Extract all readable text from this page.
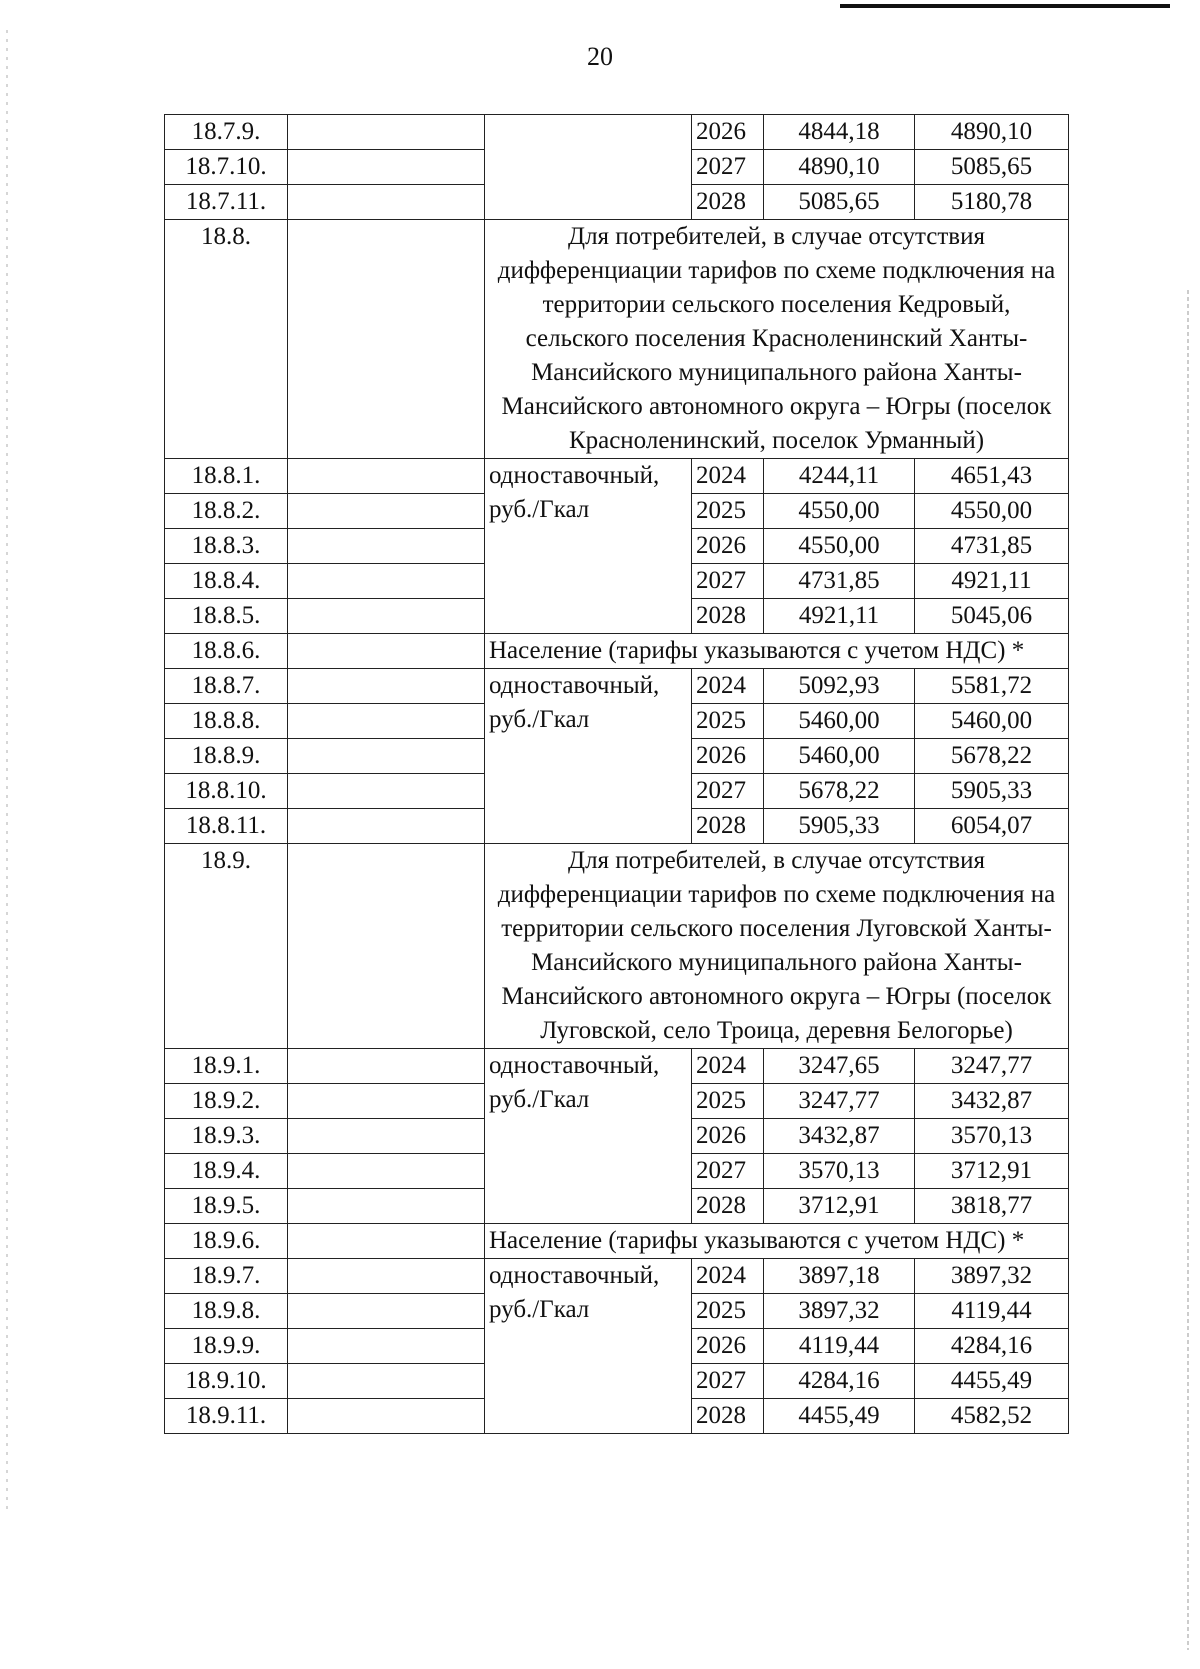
20
18.7.9.			2026	4844,18	4890,10
18.7.10.			2027	4890,10	5085,65
18.7.11.			2028	5085,65	5180,78
18.8.		Для потребителей, в случае отсутствия дифференциации тарифов по схеме подключения на территории сельского поселения Кедровый, сельского поселения Красноленинский Ханты-Мансийского муниципального района Ханты-Мансийского автономного округа – Югры (поселок Красноленинский, поселок Урманный)			
18.8.1.		одноставочный, руб./Гкал	2024	4244,11	4651,43
18.8.2.			2025	4550,00	4550,00
18.8.3.			2026	4550,00	4731,85
18.8.4.			2027	4731,85	4921,11
18.8.5.			2028	4921,11	5045,06
18.8.6.		Население (тарифы указываются с учетом НДС) *			
18.8.7.		одноставочный, руб./Гкал	2024	5092,93	5581,72
18.8.8.			2025	5460,00	5460,00
18.8.9.			2026	5460,00	5678,22
18.8.10.			2027	5678,22	5905,33
18.8.11.			2028	5905,33	6054,07
18.9.		Для потребителей, в случае отсутствия дифференциации тарифов по схеме подключения на территории сельского поселения Луговской Ханты-Мансийского муниципального района Ханты-Мансийского автономного округа – Югры (поселок Луговской, село Троица, деревня Белогорье)			
18.9.1.		одноставочный, руб./Гкал	2024	3247,65	3247,77
18.9.2.			2025	3247,77	3432,87
18.9.3.			2026	3432,87	3570,13
18.9.4.			2027	3570,13	3712,91
18.9.5.			2028	3712,91	3818,77
18.9.6.		Население (тарифы указываются с учетом НДС) *			
18.9.7.		одноставочный, руб./Гкал	2024	3897,18	3897,32
18.9.8.			2025	3897,32	4119,44
18.9.9.			2026	4119,44	4284,16
18.9.10.			2027	4284,16	4455,49
18.9.11.			2028	4455,49	4582,52
